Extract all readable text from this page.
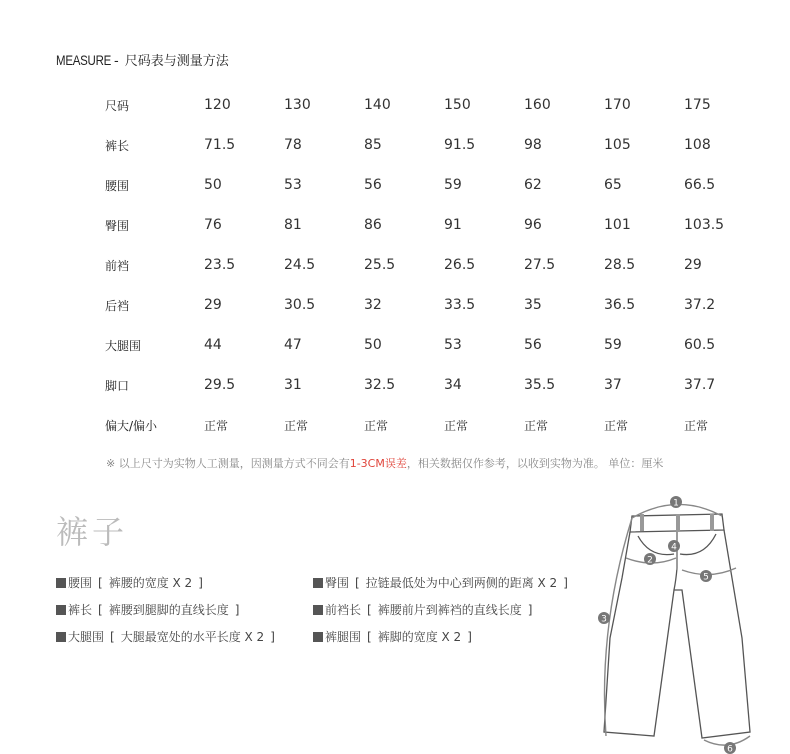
MEASURE - 尺码表与测量方法
尺码	120	130	140	150	160	170	175
裤长	71.5	78	85	91.5	98	105	108
腰围	50	53	56	59	62	65	66.5
臀围	76	81	86	91	96	101	103.5
前裆	23.5	24.5	25.5	26.5	27.5	28.5	29
后裆	29	30.5	32	33.5	35	36.5	37.2
大腿围	44	47	50	53	56	59	60.5
脚口	29.5	31	32.5	34	35.5	37	37.7
偏大/偏小	正常	正常	正常	正常	正常	正常	正常
※ 以上尺寸为实物人工测量，因测量方式不同会有1-3CM误差，相关数据仅作参考，以收到实物为准。 单位：厘米
裤子
腰围 [ 裤腰的宽度 X 2 ]	臀围 [ 拉链最低处为中心到两侧的距离 X 2 ]
裤长 [ 裤腰到腿脚的直线长度 ]	前裆长 [ 裤腰前片到裤裆的直线长度 ]
大腿围 [ 大腿最宽处的水平长度 X 2 ]	裤腿围 [ 裤脚的宽度 X 2 ]
1
2
3
4
5
6
